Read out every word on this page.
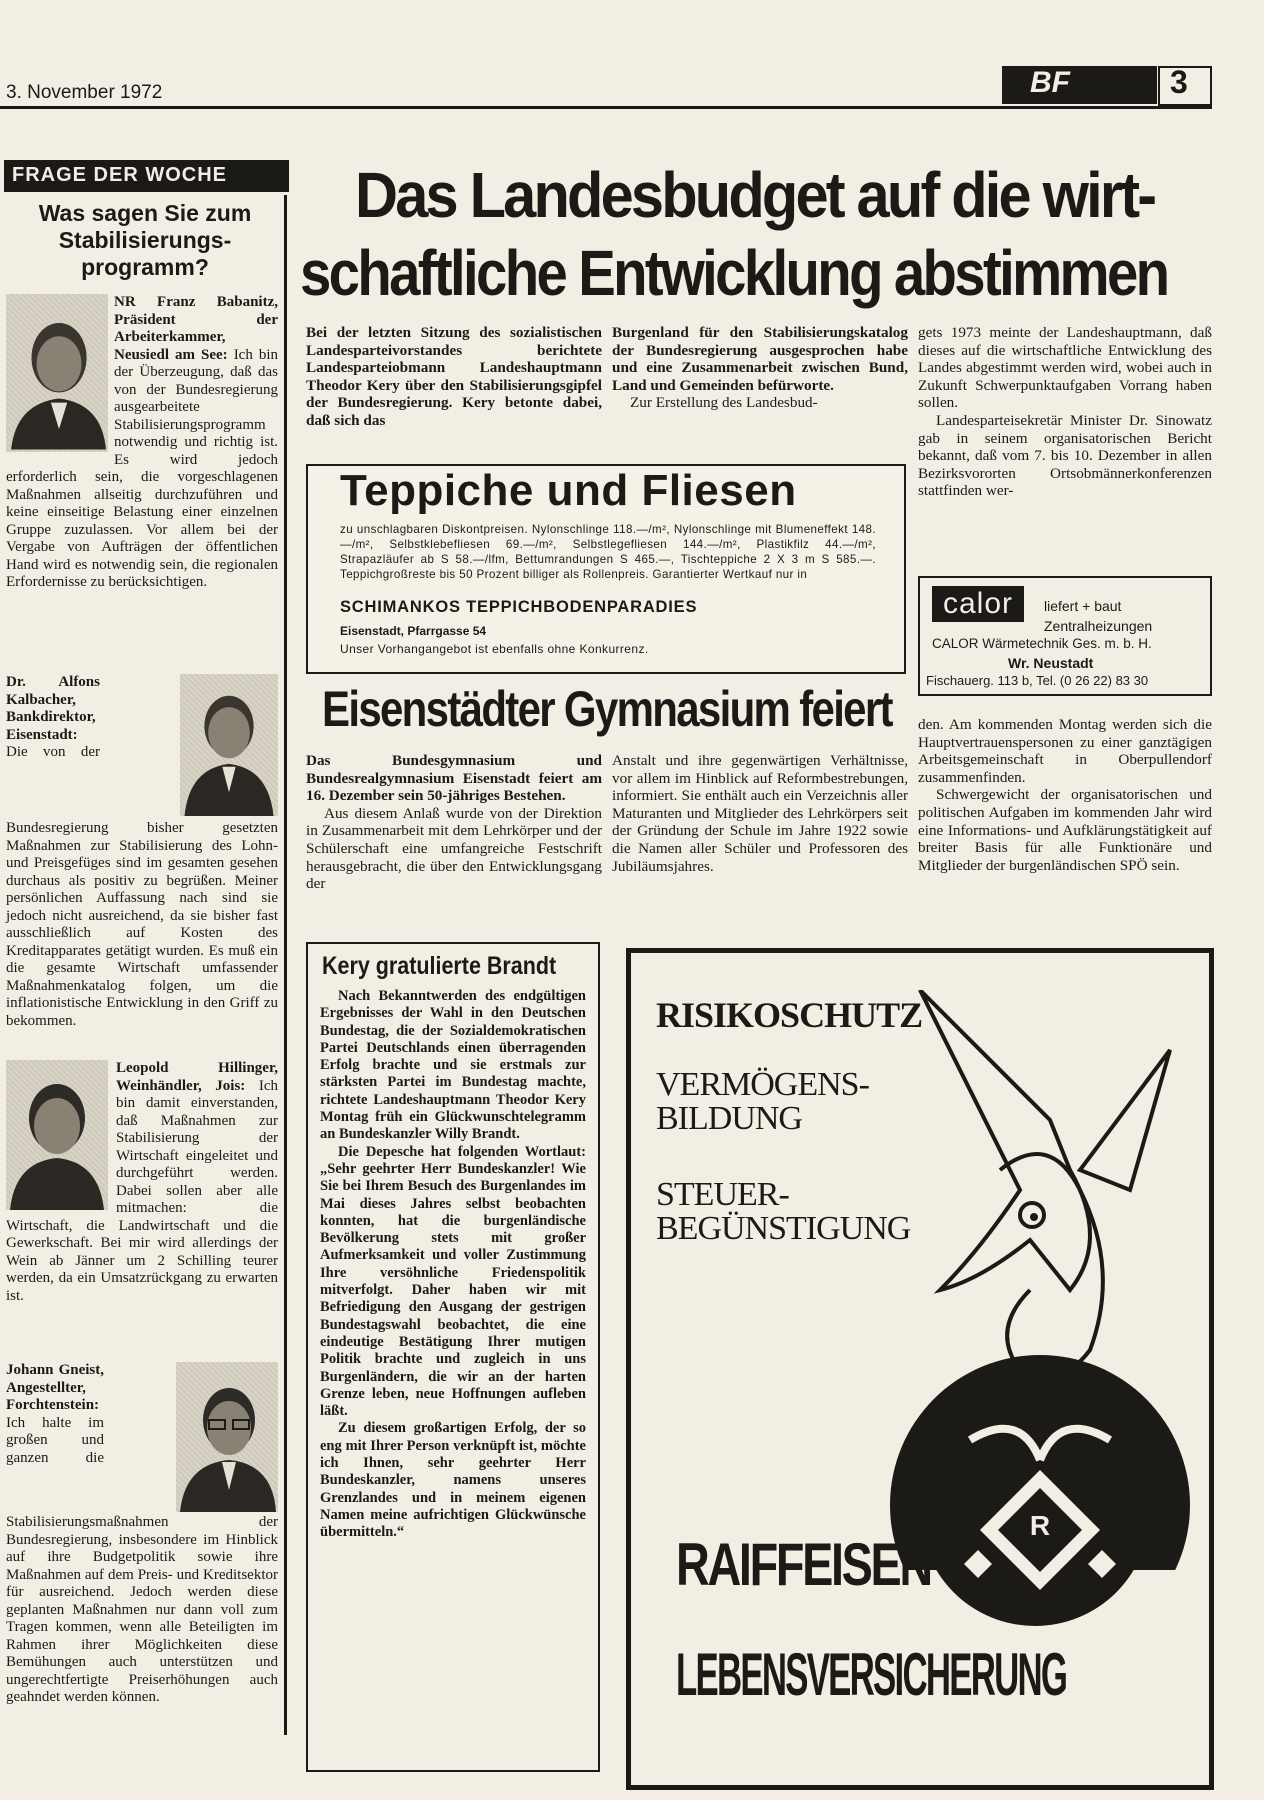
3. November 1972	BF	3
FRAGE DER WOCHE
Was sagen Sie zum Stabilisierungsprogramm?
NR Franz Babanitz, Präsident der Arbeiterkammer, Neusiedl am See: Ich bin der Überzeugung, daß das von der Bundesregierung ausgearbeitete Stabilisierungsprogramm notwendig und richtig ist. Es wird jedoch erforderlich sein, die vorgeschlagenen Maßnahmen allseitig durchzuführen und keine einseitige Belastung einer einzelnen Gruppe zuzulassen. Vor allem bei der Vergabe von Aufträgen der öffentlichen Hand wird es notwendig sein, die regionalen Erfordernisse zu berücksichtigen.
Dr. Alfons Kalbacher, Bankdirektor, Eisenstadt: Die von der Bundesregierung bisher gesetzten Maßnahmen zur Stabilisierung des Lohn- und Preisgefüges sind im gesamten gesehen durchaus als positiv zu begrüßen. Meiner persönlichen Auffassung nach sind sie jedoch nicht ausreichend, da sie bisher fast ausschließlich auf Kosten des Kreditapparates getätigt wurden. Es muß ein die gesamte Wirtschaft umfassender Maßnahmenkatalog folgen, um die inflationistische Entwicklung in den Griff zu bekommen.
Leopold Hillinger, Weinhändler, Jois: Ich bin damit einverstanden, daß Maßnahmen zur Stabilisierung der Wirtschaft eingeleitet und durchgeführt werden. Dabei sollen aber alle mitmachen: die Wirtschaft, die Landwirtschaft und die Gewerkschaft. Bei mir wird allerdings der Wein ab Jänner um 2 Schilling teurer werden, da ein Umsatzrückgang zu erwarten ist.
Johann Gneist, Angestellter, Forchtenstein: Ich halte im großen und ganzen die Stabilisierungsmaßnahmen der Bundesregierung, insbesondere im Hinblick auf ihre Budgetpolitik sowie ihre Maßnahmen auf dem Preis- und Kreditsektor für ausreichend. Jedoch werden diese geplanten Maßnahmen nur dann voll zum Tragen kommen, wenn alle Beteiligten im Rahmen ihrer Möglichkeiten diese Bemühungen auch unterstützen und ungerechtfertigte Preiserhöhungen auch geahndet werden können.
Das Landesbudget auf die wirt-
schaftliche Entwicklung abstimmen
Bei der letzten Sitzung des sozialistischen Landesparteivorstandes berichtete Landesparteiobmann Landeshauptmann Theodor Kery über den Stabilisierungsgipfel der Bundesregierung. Kery betonte dabei, daß sich das
Burgenland für den Stabilisierungskatalog der Bundesregierung ausgesprochen habe und eine Zusammenarbeit zwischen Bund, Land und Gemeinden befürworte.

Zur Erstellung des Landesbud-

gets 1973 meinte der Landeshauptmann, daß dieses auf die wirtschaftliche Entwicklung des Landes abgestimmt werden wird, wobei auch in Zukunft Schwerpunktaufgaben Vorrang haben sollen.

Landesparteisekretär Minister Dr. Sinowatz gab in seinem organisatorischen Bericht bekannt, daß vom 7. bis 10. Dezember in allen Bezirksvororten Ortsobmännerkonferenzen stattfinden wer-

Teppiche und Fliesen
zu unschlagbaren Diskontpreisen. Nylonschlinge 118.—/m², Nylonschlinge mit Blumeneffekt 148.—/m², Selbstklebefliesen 69.—/m², Selbstlegefliesen 144.—/m², Plastikfilz 44.—/m², Strapazläufer ab S 58.—/lfm, Bettumrandungen S 465.—, Tischteppiche 2 X 3 m S 585.—. Teppichgroßreste bis 50 Prozent billiger als Rollenpreis. Garantierter Wertkauf nur in
SCHIMANKOS TEPPICHBODENPARADIES
Eisenstadt, Pfarrgasse 54
Unser Vorhangangebot ist ebenfalls ohne Konkurrenz.
calor	liefert + baut
Zentralheizungen
CALOR Wärmetechnik Ges. m. b. H.
Wr. Neustadt
Fischauerg. 113 b, Tel. (0 26 22) 83 30
den. Am kommenden Montag werden sich die Hauptvertrauenspersonen zu einer ganztägigen Arbeitsgemeinschaft in Oberpullendorf zusammenfinden.

Schwergewicht der organisatorischen und politischen Aufgaben im kommenden Jahr wird eine Informations- und Aufklärungstätigkeit auf breiter Basis für alle Funktionäre und Mitglieder der burgenländischen SPÖ sein.

Eisenstädter Gymnasium feiert
Das Bundesgymnasium und Bundesrealgymnasium Eisenstadt feiert am 16. Dezember sein 50-jähriges Bestehen.

Aus diesem Anlaß wurde von der Direktion in Zusammenarbeit mit dem Lehrkörper und der Schülerschaft eine umfangreiche Festschrift herausgebracht, die über den Entwicklungsgang der

Anstalt und ihre gegenwärtigen Verhältnisse, vor allem im Hinblick auf Reformbestrebungen, informiert. Sie enthält auch ein Verzeichnis aller Maturanten und Mitglieder des Lehrkörpers seit der Gründung der Schule im Jahre 1922 sowie die Namen aller Schüler und Professoren des Jubiläumsjahres.
Kery gratulierte Brandt

Nach Bekanntwerden des endgültigen Ergebnisses der Wahl in den Deutschen Bundestag, die der Sozialdemokratischen Partei Deutschlands einen überragenden Erfolg brachte und sie erstmals zur stärksten Partei im Bundestag machte, richtete Landeshauptmann Theodor Kery Montag früh ein Glückwunschtelegramm an Bundeskanzler Willy Brandt.

Die Depesche hat folgenden Wortlaut: „Sehr geehrter Herr Bundeskanzler! Wie Sie bei Ihrem Besuch des Burgenlandes im Mai dieses Jahres selbst beobachten konnten, hat die burgenländische Bevölkerung stets mit großer Aufmerksamkeit und voller Zustimmung Ihre versöhnliche Friedenspolitik mitverfolgt. Daher haben wir mit Befriedigung den Ausgang der gestrigen Bundestagswahl beobachtet, die eine eindeutige Bestätigung Ihrer mutigen Politik brachte und zugleich in uns Burgenländern, die wir an der harten Grenze leben, neue Hoffnungen aufleben läßt.

Zu diesem großartigen Erfolg, der so eng mit Ihrer Person verknüpft ist, möchte ich Ihnen, sehr geehrter Herr Bundeskanzler, namens unseres Grenzlandes und in meinem eigenen Namen meine aufrichtigen Glückwünsche übermitteln.“

RISIKOSCHUTZ
VERMÖGENS-
BILDUNG
STEUER-
BEGÜNSTIGUNG
R
RAIFFEISEN
LEBENSVERSICHERUNG
